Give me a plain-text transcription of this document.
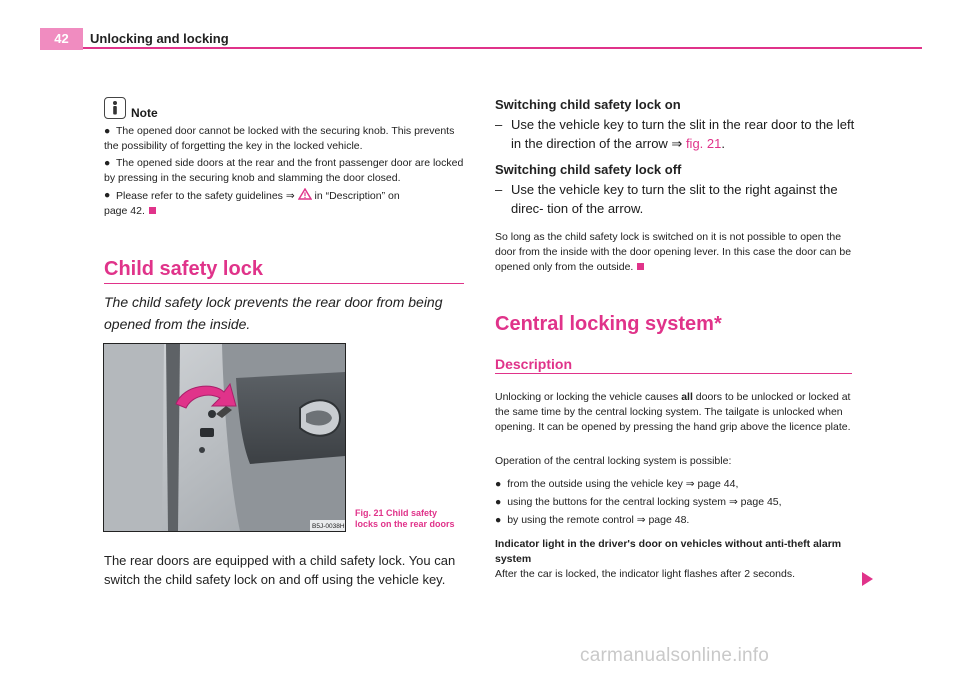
42	Unlocking and locking
Note
● The opened door cannot be locked with the securing knob. This prevents the possibility of forgetting the key in the locked vehicle.
● The opened side doors at the rear and the front passenger door are locked by pressing in the securing knob and slamming the door closed.
● Please refer to the safety guidelines ⇒  in “Description” on
page 42.
Child safety lock
The child safety lock prevents the rear door from being opened from the inside.
B5J-0038H
Fig. 21 Child safety
locks on the rear doors
The rear doors are equipped with a child safety lock. You can switch the child safety lock on and off using the vehicle key.
Switching child safety lock on
– Use the vehicle key to turn the slit in the rear door to the left in the direction of the arrow ⇒ fig. 21.
Switching child safety lock off
– Use the vehicle key to turn the slit to the right against the direc- tion of the arrow.
So long as the child safety lock is switched on it is not possible to open the door from the inside with the door opening lever. In this case the door can be opened only from the outside.
Central locking system*
Description
Unlocking or locking the vehicle causes all doors to be unlocked or locked at the same time by the central locking system. The tailgate is unlocked when opening. It can be opened by pressing the hand grip above the licence plate.
Operation of the central locking system is possible:
● from the outside using the vehicle key ⇒ page 44,
● using the buttons for the central locking system ⇒ page 45,
● by using the remote control ⇒ page 48.
Indicator light in the driver's door on vehicles without anti-theft alarm system
After the car is locked, the indicator light flashes after 2 seconds.
carmanualsonline.info
